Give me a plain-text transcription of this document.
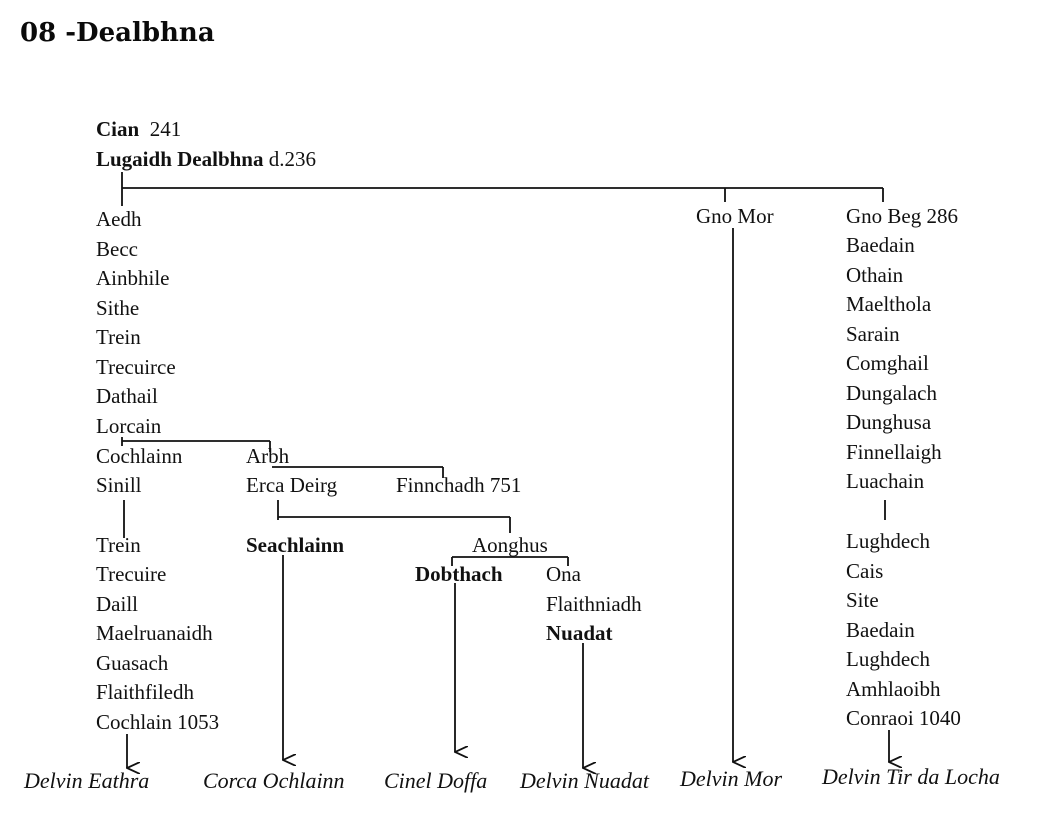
08 -Dealbhna
Cian 241
Lugaidh Dealbhna d.236
Aedh
Becc
Ainbhile
Sithe
Trein
Trecuirce
Dathail
Lorcain
Cochlainn
Sinill
Trein
Trecuire
Daill
Maelruanaidh
Guasach
Flaithfiledh
Cochlain 1053
Arbh
Erca Deirg	Finnchadh 751
Seachlainn	Aonghus
Dobthach Ona
Flaithniadh
Nuadat
Gno Mor	Gno Beg 286
Baedain
Othain
Maelthola
Sarain
Comghail
Dungalach
Dunghusa
Finnellaigh
Luachain
Lughdech
Cais
Site
Baedain
Lughdech
Amhlaoibh
Conraoi 1040
Delvin Eathra Corca Ochlainn Cinel Doffa Delvin Nuadat Delvin Mor Delvin Tir da Locha
